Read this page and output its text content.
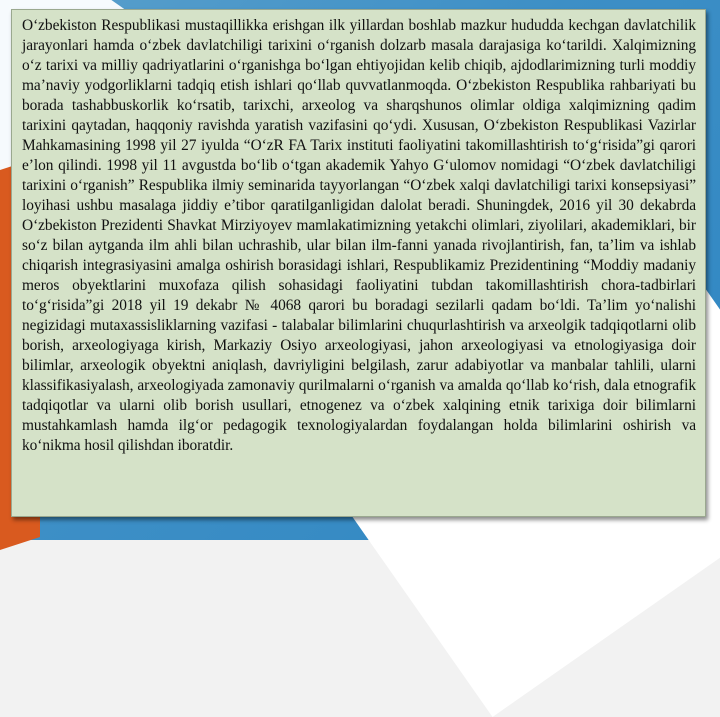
O‘zbekiston Respublikasi mustaqillikka erishgan ilk yillardan boshlab mazkur hududda kechgan davlatchilik jarayonlari hamda o‘zbek davlatchiligi tarixini o‘rganish dolzarb masala darajasiga ko‘tarildi. Xalqimizning o‘z tarixi va milliy qadriyatlarini o‘rganishga bo‘lgan ehtiyojidan kelib chiqib, ajdodlarimizning turli moddiy ma’naviy yodgorliklarni tadqiq etish ishlari qo‘llab quvvatlanmoqda. O‘zbekiston Respublika rahbariyati bu borada tashabbuskorlik ko‘rsatib, tarixchi, arxeolog va sharqshunos olimlar oldiga xalqimizning qadim tarixini qaytadan, haqqoniy ravishda yaratish vazifasini qo‘ydi. Xususan, O‘zbekiston Respublikasi Vazirlar Mahkamasining 1998 yil 27 iyulda “O‘zR FA Tarix instituti faoliyatini takomillashtirish to‘g‘risida”gi qarori e’lon qilindi. 1998 yil 11 avgustda bo‘lib o‘tgan akademik Yahyo G‘ulomov nomidagi “O‘zbek davlatchiligi tarixini o‘rganish” Respublika ilmiy seminarida tayyorlangan “O‘zbek xalqi davlatchiligi tarixi konsepsiyasi” loyihasi ushbu masalaga jiddiy e’tibor qaratilganligidan dalolat beradi. Shuningdek, 2016 yil 30 dekabrda O‘zbekiston Prezidenti Shavkat Mirziyoyev mamlakatimizning yetakchi olimlari, ziyolilari, akademiklari, bir so‘z bilan aytganda ilm ahli bilan uchrashib, ular bilan ilm-fanni yanada rivojlantirish, fan, ta’lim va ishlab chiqarish integrasiyasini amalga oshirish borasidagi ishlari, Respublikamiz Prezidentining “Moddiy madaniy meros obyektlarini muxofaza qilish sohasidagi faoliyatini tubdan takomillashtirish chora-tadbirlari to‘g‘risida”gi 2018 yil 19 dekabr № 4068 qarori bu boradagi sezilarli qadam bo‘ldi. Ta’lim yo‘nalishi negizidagi mutaxassisliklarning vazifasi - talabalar bilimlarini chuqurlashtirish va arxeolgik tadqiqotlarni olib borish, arxeologiyaga kirish, Markaziy Osiyo arxeologiyasi, jahon arxeologiyasi va etnologiyasiga doir bilimlar, arxeologik obyektni aniqlash, davriyligini belgilash, zarur adabiyotlar va manbalar tahlili, ularni klassifikasiyalash, arxeologiyada zamonaviy qurilmalarni o‘rganish va amalda qo‘llab ko‘rish, dala etnografik tadqiqotlar va ularni olib borish usullari, etnogenez va o‘zbek xalqining etnik tarixiga doir bilimlarni mustahkamlash hamda ilg‘or pedagogik texnologiyalardan foydalangan holda bilimlarini oshirish va ko‘nikma hosil qilishdan iboratdir.
